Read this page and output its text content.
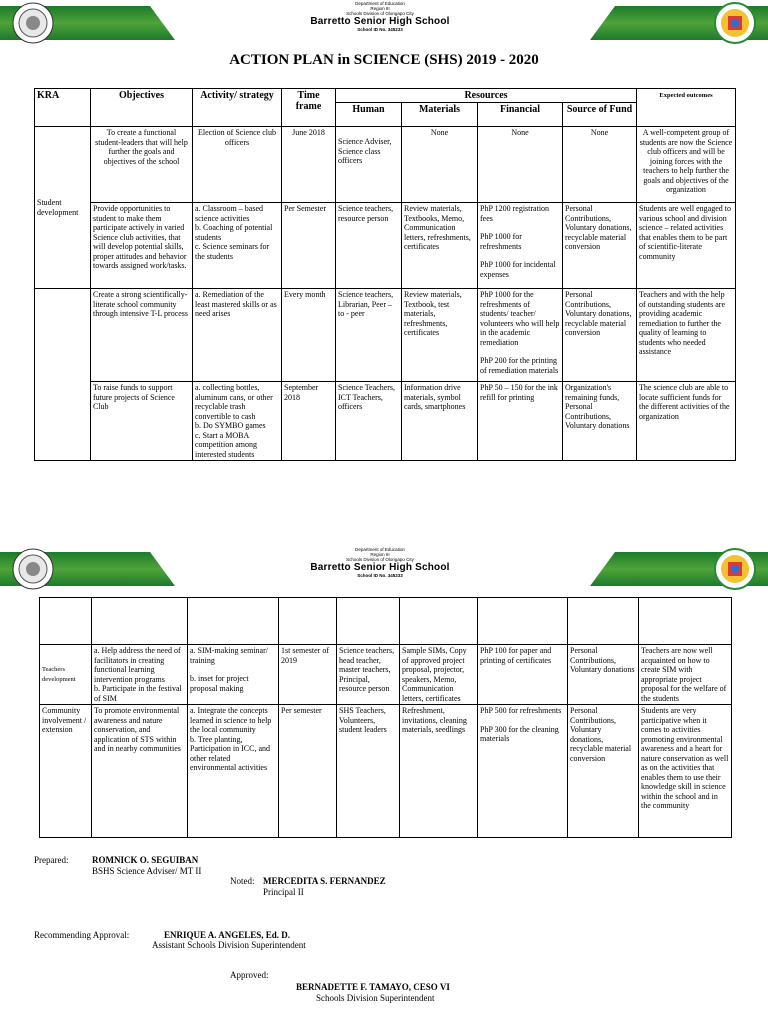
Department of Education
Region III
Schools Division of Olongapo City
Barretto Senior High School
School ID No. 345233
ACTION PLAN in SCIENCE (SHS) 2019 - 2020
KRA	Objectives	Activity/ strategy	Time frame	Resources				Expected outcomes
				Human	Materials	Financial	Source of Fund	
Student development	To create a functional student-leaders that will help further the goals and objectives of the school	Election of Science club officers	June 2018	Science Adviser, Science class officers	None	None	None	A well-competent group of students are now the Science club officers and will be joining forces with the teachers to help further the goals and objectives of the organization
	Provide opportunities to student to make them participate actively in varied Science club activities, that will develop potential skills, proper attitudes and behavior towards assigned work/tasks.	a. Classroom – based science activities
b. Coaching of potential students
c. Science seminars for the students	Per Semester	Science teachers, resource person	Review materials, Textbooks, Memo, Communication letters, refreshments, certificates	PhP 1200 registration fees
PhP 1000 for refreshments
PhP 1000 for incidental expenses	Personal Contributions, Voluntary donations, recyclable material conversion	Students are well engaged to various school and division science – related activities that enables them to be part of scientific-literate community
	Create a strong scientifically-literate school community through intensive T-L process	a. Remediation of the least mastered skills or as need arises	Every month	Science teachers, Librarian, Peer – to - peer	Review materials, Textbook, test materials, refreshments, certificates	PhP 1000 for the refreshments of students/ teacher/ volunteers who will help in the academic remediation
PhP 200 for the printing of remediation materials	Personal Contributions, Voluntary donations, recyclable material conversion	Teachers and with the help of outstanding students are providing academic remediation to further the quality of learning to students who needed assistance
	To raise funds to support future projects of Science Club	a. collecting bottles, aluminum cans, or other recyclable trash convertible to cash
b. Do SYMBO games
c. Start a MOBA competition among interested students	September 2018	Science Teachers, ICT Teachers, officers	Information drive materials, symbol cards, smartphones	PhP 50 – 150 for the ink refill for printing	Organization's remaining funds, Personal Contributions, Voluntary donations	The science club are able to locate sufficient funds for the different activities of the organization
Department of Education
Region III
Schools Division of Olongapo City
Barretto Senior High School
School ID No. 345233

Teachers development	a. Help address the need of facilitators in creating functional learning intervention programs
b. Participate in the festival of SIM	a. SIM-making seminar/ training
b. inset for project proposal making	1st semester of 2019	Science teachers, head teacher, master teachers, Principal, resource person	Sample SIMs, Copy of approved project proposal, projector, speakers, Memo, Communication letters, certificates	PhP 100 for paper and printing of certificates	Personal Contributions, Voluntary donations	Teachers are now well acquainted on how to create SIM with appropriate project proposal for the welfare of the students
Community involvement / extension	To promote environmental awareness and nature conservation, and application of STS within and in nearby communities	a. Integrate the concepts learned in science to help the local community
b. Tree planting, Participation in ICC, and other related environmental activities	Per semester	SHS Teachers, Volunteers, student leaders	Refreshment, invitations, cleaning materials, seedlings	PhP 500 for refreshments
PhP 300 for the cleaning materials	Personal Contributions, Voluntary donations, recyclable material conversion	Students are very participative when it comes to activities promoting environmental awareness and a heart for nature conservation as well as on the activities that enables them to use their knowledge skill in science within the school and in the community
Prepared:	ROMNICK O. SEGUIBAN
BSHS Science Adviser/ MT II
Noted: MERCEDITA S. FERNANDEZ
Principal II
Recommending Approval:	ENRIQUE A. ANGELES, Ed. D.
Assistant Schools Division Superintendent
Approved:
BERNADETTE F. TAMAYO, CESO VI
Schools Division Superintendent
